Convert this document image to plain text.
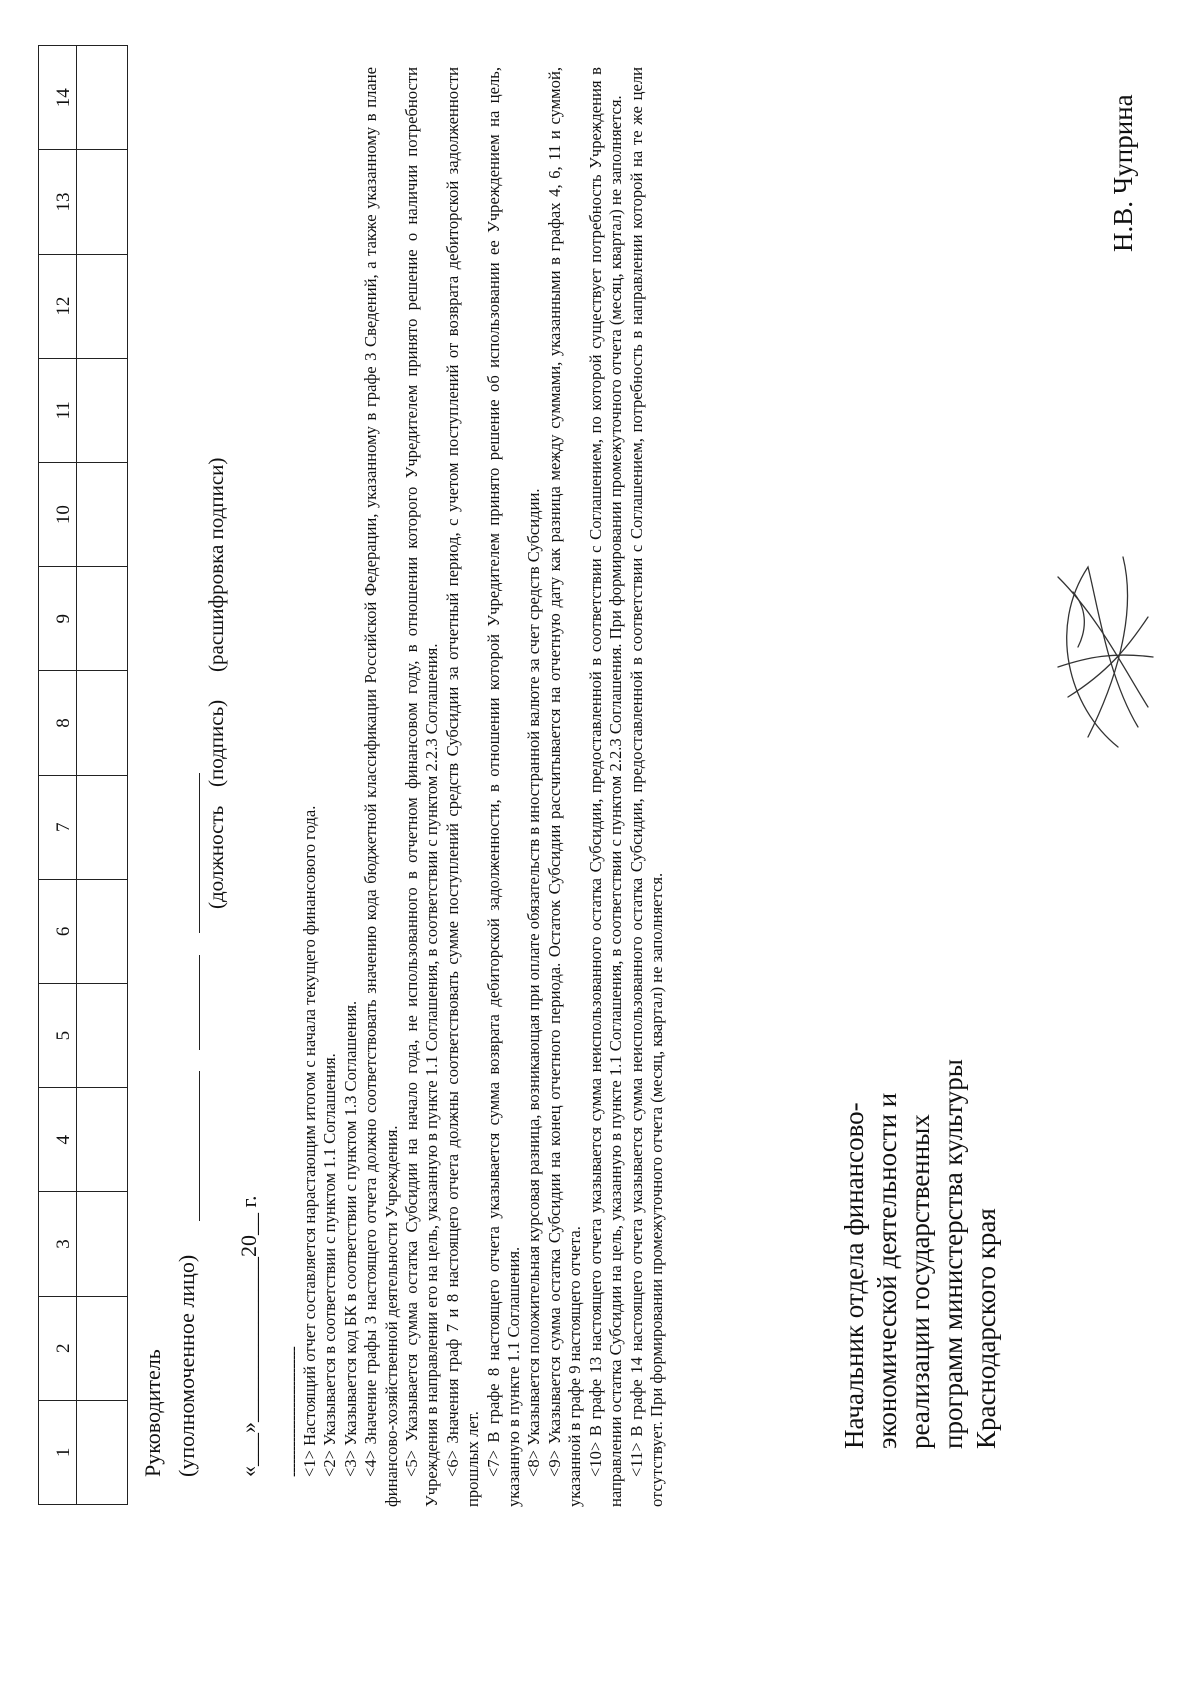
1	2	3	4	5	6	7	8	9	10	11	12	13	14

Руководитель (уполномоченное лицо)
(должность
(подпись)
(расшифровка подписи)
«___»_______________20__ г. ------------------------------

<1> Настоящий отчет составляется нарастающим итогом с начала текущего финансового года. <2> Указывается в соответствии с пунктом 1.1 Соглашения. <3> Указывается код БК в соответствии с пунктом 1.3 Соглашения. <4> Значение графы 3 настоящего отчета должно соответствовать значению кода бюджетной классификации Российской Федерации, указанному в графе 3 Сведений, а также указанному в плане финансово-хозяйственной деятельности Учреждения. <5> Указывается сумма остатка Субсидии на начало года, не использованного в отчетном финансовом году, в отношении которого Учредителем принято решение о наличии потребности Учреждения в направлении его на цель, указанную в пункте 1.1 Соглашения, в соответствии с пунктом 2.2.3 Соглашения. <6> Значения граф 7 и 8 настоящего отчета должны соответствовать сумме поступлений средств Субсидии за отчетный период, с учетом поступлений от возврата дебиторской задолженности прошлых лет. <7> В графе 8 настоящего отчета указывается сумма возврата дебиторской задолженности, в отношении которой Учредителем принято решение об использовании ее Учреждением на цель, указанную в пункте 1.1 Соглашения. <8> Указывается положительная курсовая разница, возникающая при оплате обязательств в иностранной валюте за счет средств Субсидии. <9> Указывается сумма остатка Субсидии на конец отчетного периода. Остаток Субсидии рассчитывается на отчетную дату как разница между суммами, указанными в графах 4, 6, 11 и суммой, указанной в графе 9 настоящего отчета. <10> В графе 13 настоящего отчета указывается сумма неиспользованного остатка Субсидии, предоставленной в соответствии с Соглашением, по которой существует потребность Учреждения в направлении остатка Субсидии на цель, указанную в пункте 1.1 Соглашения, в соответствии с пунктом 2.2.3 Соглашения. При формировании промежуточного отчета (месяц, квартал) не заполняется. <11> В графе 14 настоящего отчета указывается сумма неиспользованного остатка Субсидии, предоставленной в соответствии с Соглашением, потребность в направлении которой на те же цели отсутствует. При формировании промежуточного отчета (месяц, квартал) не заполняется.	Начальник отдела финансово- экономической деятельности и реализации государственных программ министерства культуры Краснодарского края
Н.В. Чуприна
